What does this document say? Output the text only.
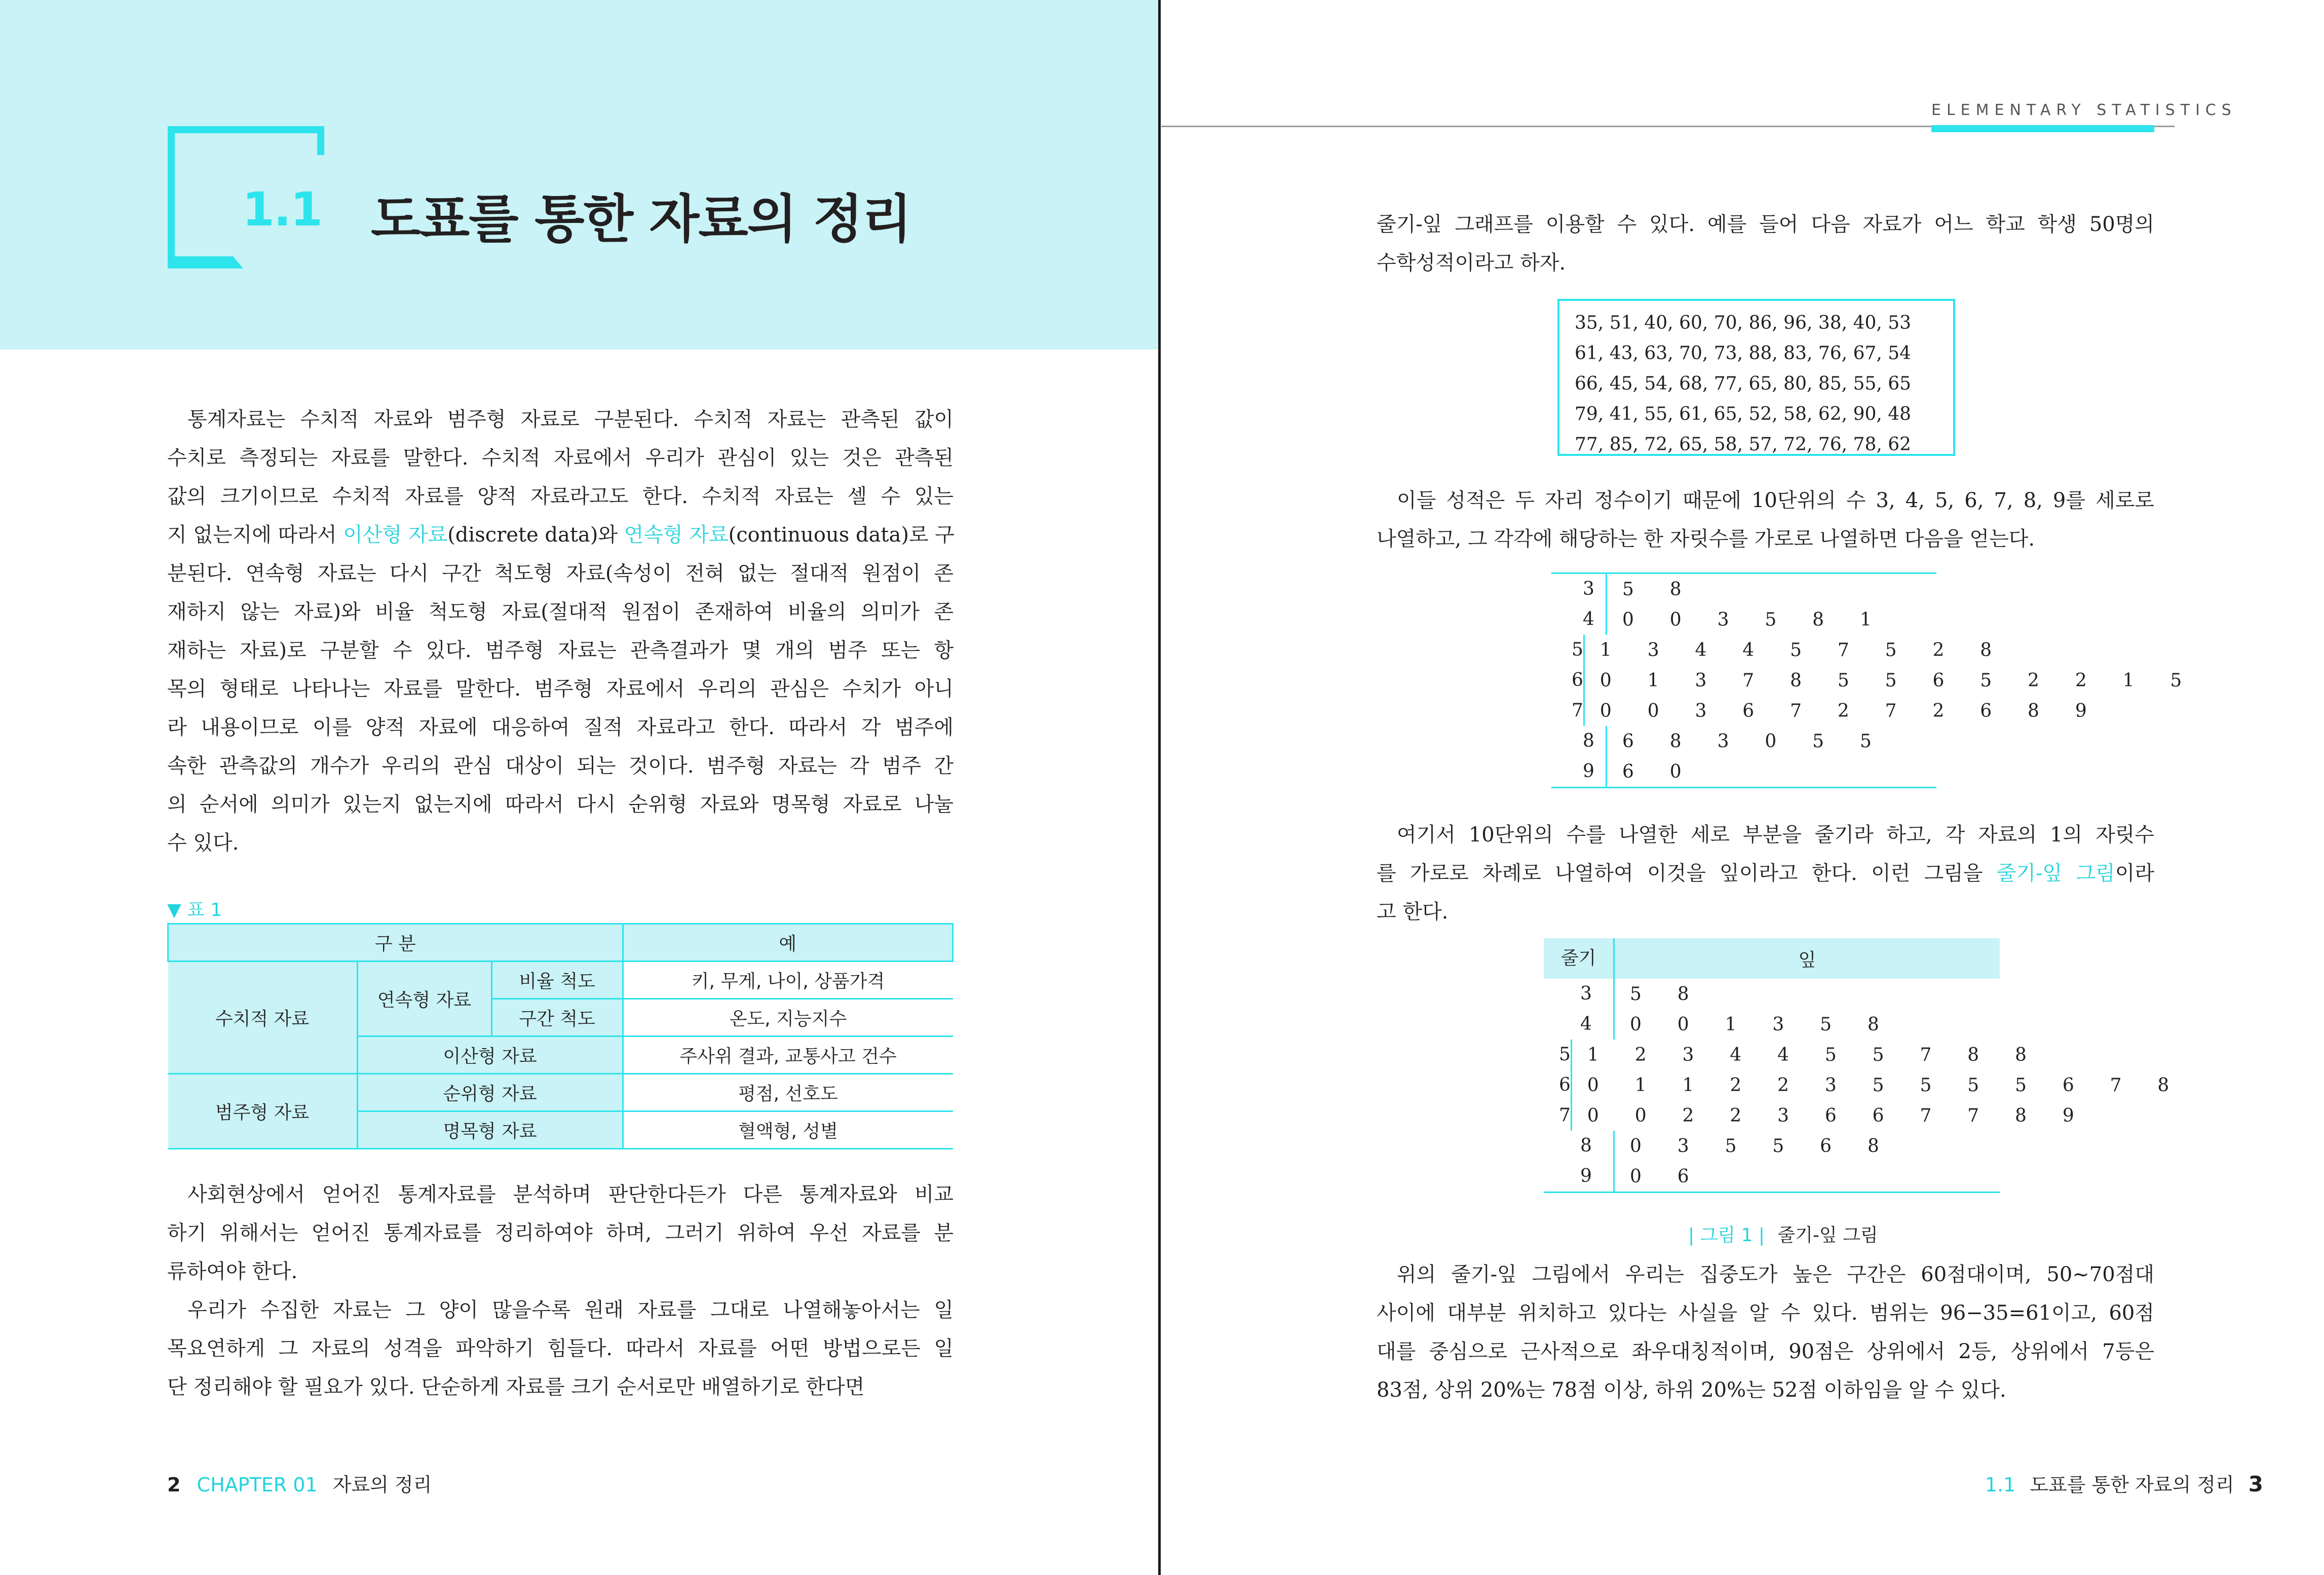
1.1 도표를 통한 자료의 정리
 통계자료는 수치적 자료와 범주형 자료로 구분된다. 수치적 자료는 관측된 값이
수치로 측정되는 자료를 말한다. 수치적 자료에서 우리가 관심이 있는 것은 관측된
값의 크기이므로 수치적 자료를 양적 자료라고도 한다. 수치적 자료는 셀 수 있는
지 없는지에 따라서 이산형 자료(discrete data)와 연속형 자료(continuous data)로 구
분된다. 연속형 자료는 다시 구간 척도형 자료(속성이 전혀 없는 절대적 원점이 존
재하지 않는 자료)와 비율 척도형 자료(절대적 원점이 존재하여 비율의 의미가 존
재하는 자료)로 구분할 수 있다. 범주형 자료는 관측결과가 몇 개의 범주 또는 항
목의 형태로 나타나는 자료를 말한다. 범주형 자료에서 우리의 관심은 수치가 아니
라 내용이므로 이를 양적 자료에 대응하여 질적 자료라고 한다. 따라서 각 범주에
속한 관측값의 개수가 우리의 관심 대상이 되는 것이다. 범주형 자료는 각 범주 간
의 순서에 의미가 있는지 없는지에 따라서 다시 순위형 자료와 명목형 자료로 나눌
수 있다.
▼ 표 1
구 분			예
수치적 자료	연속형 자료	비율 척도	키, 무게, 나이, 상품가격
		구간 척도	온도, 지능지수
	이산형 자료		주사위 결과, 교통사고 건수
범주형 자료	순위형 자료		평점, 선호도
	명목형 자료		혈액형, 성별
 사회현상에서 얻어진 통계자료를 분석하며 판단한다든가 다른 통계자료와 비교
하기 위해서는 얻어진 통계자료를 정리하여야 하며, 그러기 위하여 우선 자료를 분
류하여야 한다.
 우리가 수집한 자료는 그 양이 많을수록 원래 자료를 그대로 나열해놓아서는 일
목요연하게 그 자료의 성격을 파악하기 힘들다. 따라서 자료를 어떤 방법으로든 일
단 정리해야 할 필요가 있다. 단순하게 자료를 크기 순서로만 배열하기로 한다면
2 CHAPTER 01 자료의 정리
ELEMENTARY STATISTICS
줄기-잎 그래프를 이용할 수 있다. 예를 들어 다음 자료가 어느 학교 학생 50명의
수학성적이라고 하자.
35, 51, 40, 60, 70, 86, 96, 38, 40, 53
61, 43, 63, 70, 73, 88, 83, 76, 67, 54
66, 45, 54, 68, 77, 65, 80, 85, 55, 65
79, 41, 55, 61, 65, 52, 58, 62, 90, 48
77, 85, 72, 65, 58, 57, 72, 76, 78, 62
 이들 성적은 두 자리 정수이기 때문에 10단위의 수 3, 4, 5, 6, 7, 8, 9를 세로로
나열하고, 그 각각에 해당하는 한 자릿수를 가로로 나열하면 다음을 얻는다.
3	5  8
4	0  0  3  5  8  1
5 1  3  4  4  5  7  5  2  8
6 0  1  3  7  8  5  5  6  5  2  2  1  5
7 0  0  3  6  7  2  7  2  6  8  9
8	6  8  3  0  5  5
9	6  0
 여기서 10단위의 수를 나열한 세로 부분을 줄기라 하고, 각 자료의 1의 자릿수
를 가로로 차례로 나열하여 이것을 잎이라고 한다. 이런 그림을 줄기-잎 그림이라
고 한다.
줄기	잎
3	5  8
4	0  0  1  3  5  8
5 1  2  3  4  4  5  5  7  8  8
6 0  1  1  2  2  3  5  5  5  5  6  7  8
7 0  0  2  2  3  6  6  7  7  8  9
8	0  3  5  5  6  8
9	0  6
| 그림 1 | 줄기-잎 그림
 위의 줄기-잎 그림에서 우리는 집중도가 높은 구간은 60점대이며, 50~70점대
사이에 대부분 위치하고 있다는 사실을 알 수 있다. 범위는 96−35=61이고, 60점
대를 중심으로 근사적으로 좌우대칭적이며, 90점은 상위에서 2등, 상위에서 7등은
83점, 상위 20%는 78점 이상, 하위 20%는 52점 이하임을 알 수 있다.
1.1 도표를 통한 자료의 정리 3
